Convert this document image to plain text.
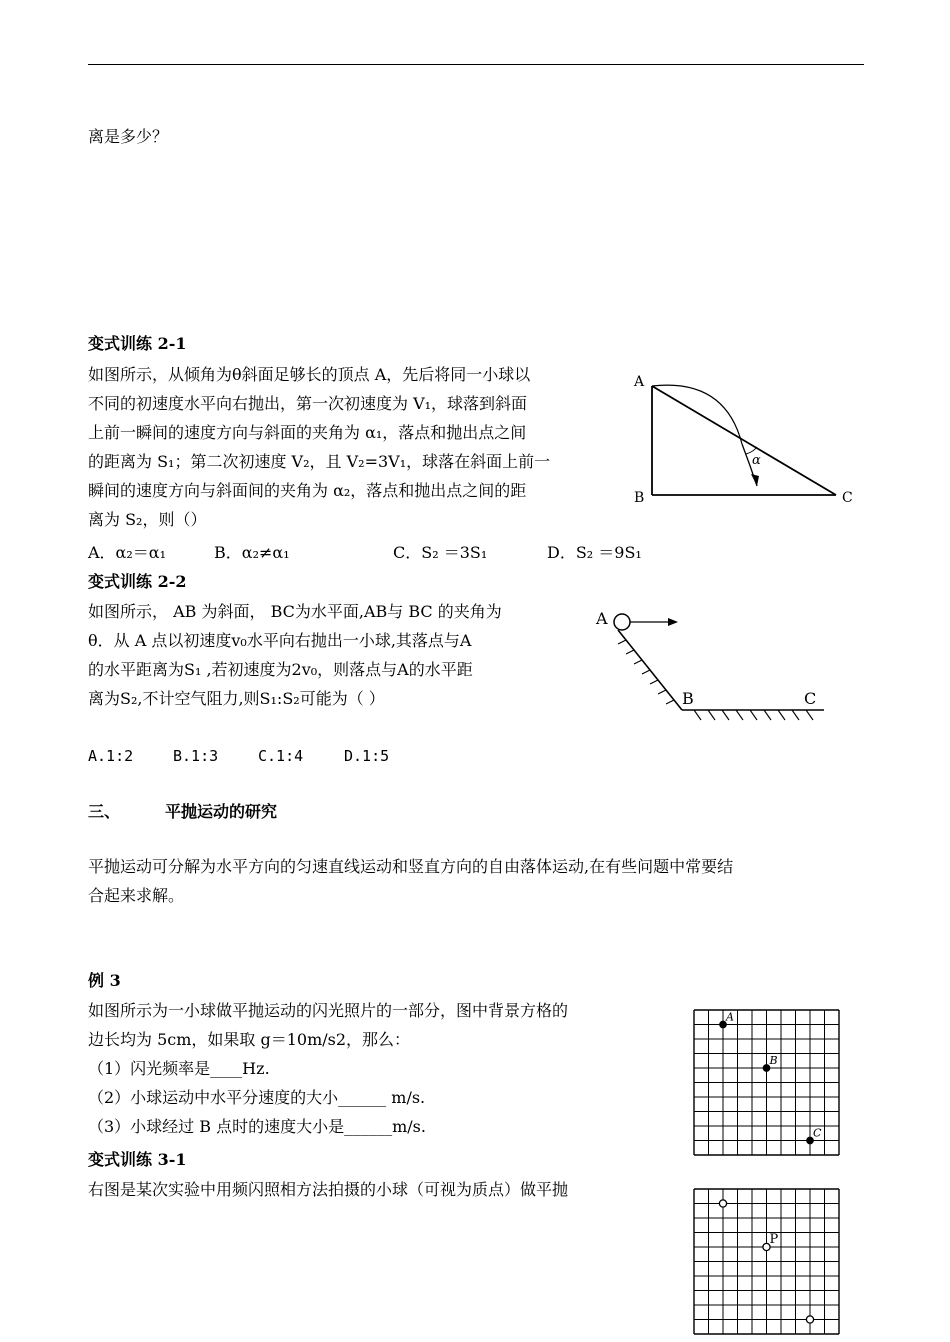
离是多少？
变式训练 2-1
如图所示，从倾角为θ斜面足够长的顶点 A，先后将同一小球以
不同的初速度水平向右抛出，第一次初速度为 V₁，球落到斜面
上前一瞬间的速度方向与斜面的夹角为 α₁，落点和抛出点之间
的距离为 S₁；第二次初速度 V₂，且 V₂=3V₁，球落在斜面上前一
瞬间的速度方向与斜面间的夹角为 α₂，落点和抛出点之间的距
离为 S₂，则（）
A．α₂＝α₁	B．α₂≠α₁	C．S₂ ＝3S₁	D．S₂ ＝9S₁
A
B	C
α
变式训练 2-2
如图所示， AB 为斜面， BC为水平面,AB与 BC 的夹角为
θ．从 A 点以初速度v₀水平向右抛出一小球,其落点与A
的水平距离为S₁ ,若初速度为2v₀，则落点与A的水平距
离为S₂,不计空气阻力,则S₁:S₂可能为（ ）
A.1:2	B.1:3	C.1:4	D.1:5
A
B	C
三、	平抛运动的研究
平抛运动可分解为水平方向的匀速直线运动和竖直方向的自由落体运动,在有些问题中常要结
合起来求解。
例 3
如图所示为一小球做平抛运动的闪光照片的一部分，图中背景方格的
边长均为 5cm，如果取 g＝10m/s2，那么：
（1）闪光频率是____Hz.
（2）小球运动中水平分速度的大小______ m/s.
（3）小球经过 B 点时的速度大小是______m/s.
A
B
C
变式训练 3-1
右图是某次实验中用频闪照相方法拍摄的小球（可视为质点）做平抛
P
